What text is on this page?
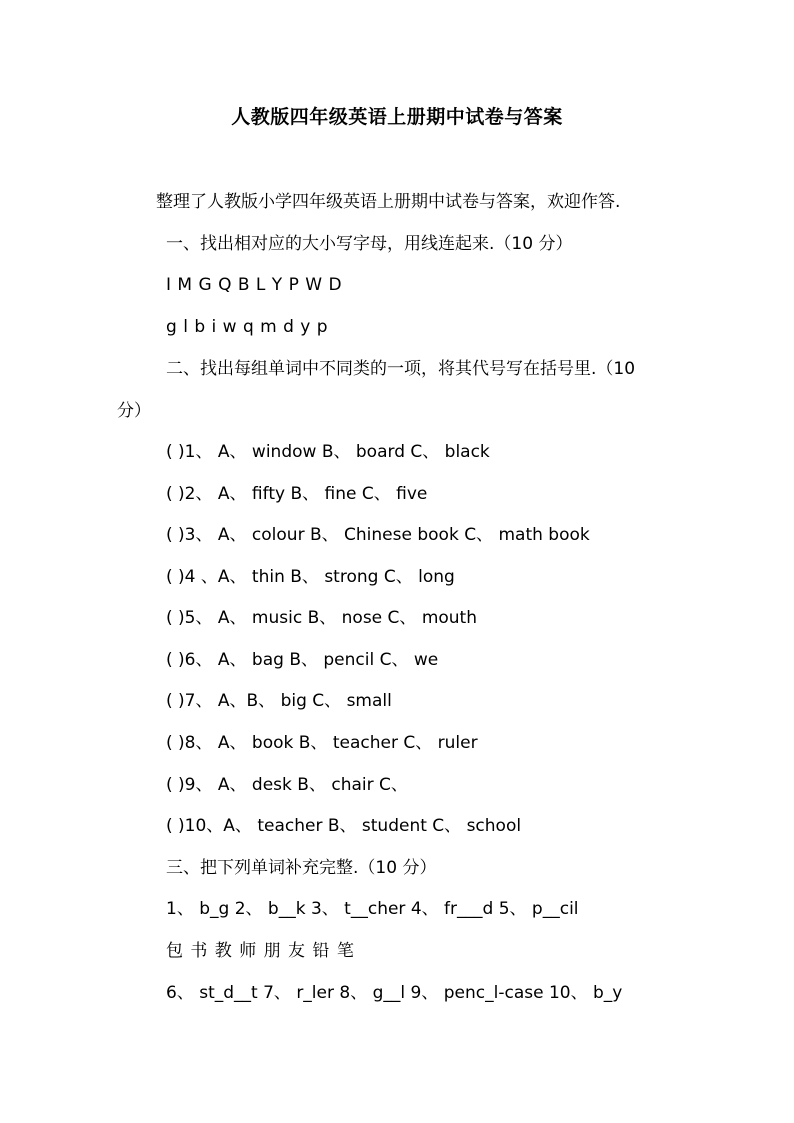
人教版四年级英语上册期中试卷与答案
整理了人教版小学四年级英语上册期中试卷与答案，欢迎作答.
一、找出相对应的大小写字母，用线连起来.（10 分）
I M G Q B L Y P W D
g l b i w q m d y p
二、找出每组单词中不同类的一项，将其代号写在括号里.（10
分）
( )1、 A、 window B、 board C、 black
( )2、 A、 fifty B、 fine C、 five
( )3、 A、 colour B、 Chinese book C、 math book
( )4 、A、 thin B、 strong C、 long
( )5、 A、 music B、 nose C、 mouth
( )6、 A、 bag B、 pencil C、 we
( )7、 A、B、 big C、 small
( )8、 A、 book B、 teacher C、 ruler
( )9、 A、 desk B、 chair C、
( )10、A、 teacher B、 student C、 school
三、把下列单词补充完整.（10 分）
1、 b_g 2、 b__k 3、 t__cher 4、 fr___d 5、 p__cil
包 书 教 师 朋 友 铅 笔
6、 st_d__t 7、 r_ler 8、 g__l 9、 penc_l-case 10、 b_y
